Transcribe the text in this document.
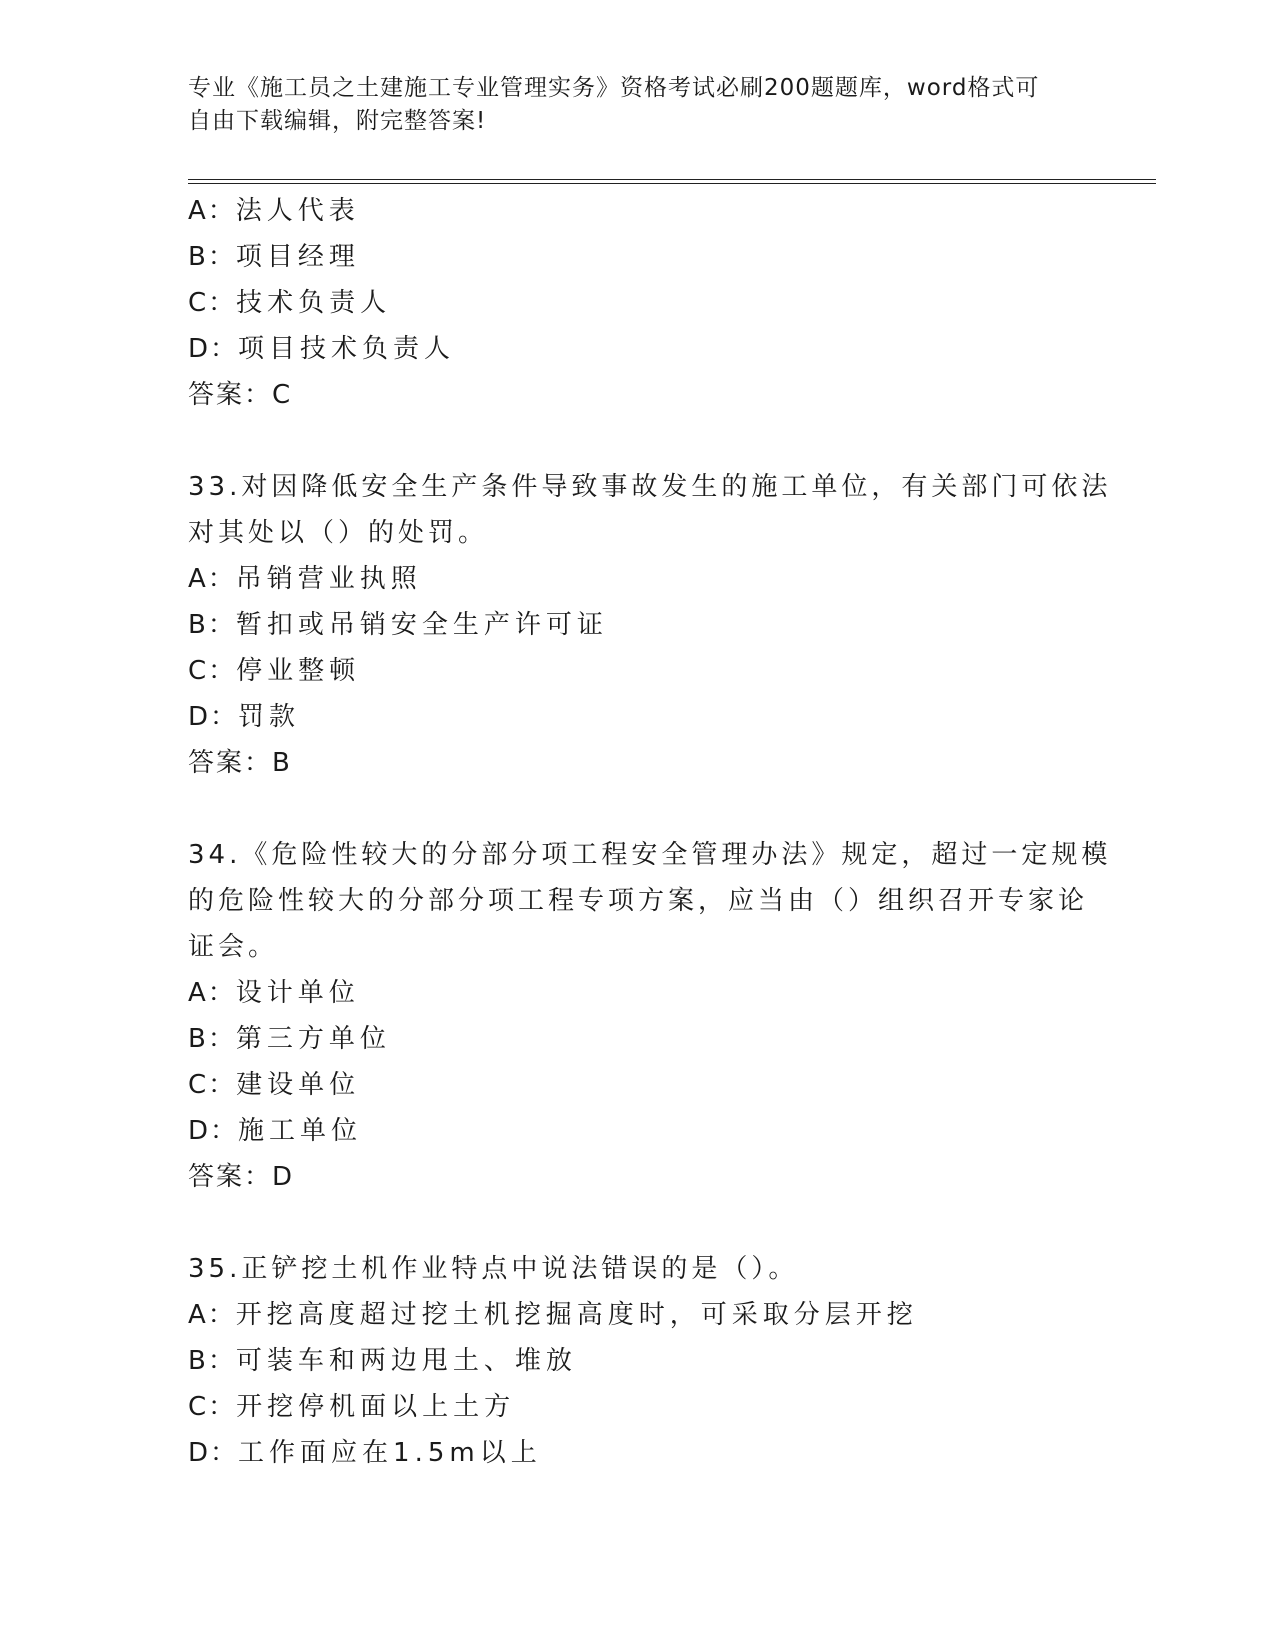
专业《施工员之土建施工专业管理实务》资格考试必刷200题题库，word格式可
自由下载编辑，附完整答案!
A：法人代表
B：项目经理
C：技术负责人
D：项目技术负责人
答案：C
33.对因降低安全生产条件导致事故发生的施工单位，有关部门可依法
对其处以（）的处罚。
A：吊销营业执照
B：暂扣或吊销安全生产许可证
C：停业整顿
D：罚款
答案：B
34.《危险性较大的分部分项工程安全管理办法》规定，超过一定规模
的危险性较大的分部分项工程专项方案，应当由（）组织召开专家论
证会。
A：设计单位
B：第三方单位
C：建设单位
D：施工单位
答案：D
35.正铲挖土机作业特点中说法错误的是（）。
A：开挖高度超过挖土机挖掘高度时，可采取分层开挖
B：可装车和两边甩土、堆放
C：开挖停机面以上土方
D：工作面应在1.5m以上
